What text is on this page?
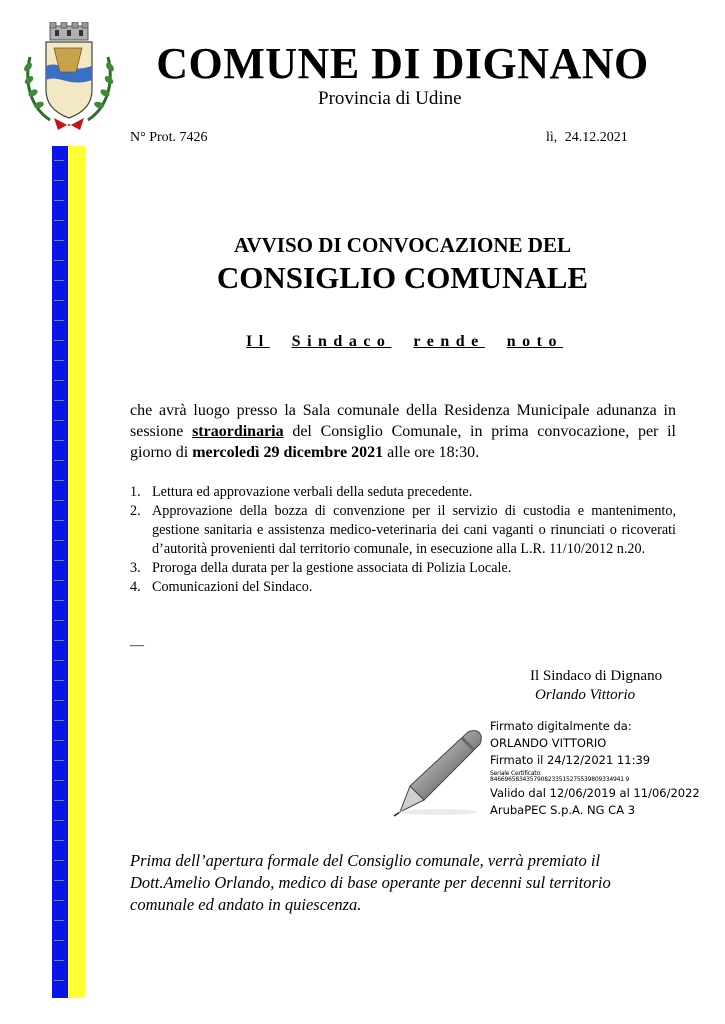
COMUNE DI DIGNANO
Provincia di Udine
N° Prot. 7426	lì, 24.12.2021
AVVISO DI CONVOCAZIONE DEL
CONSIGLIO COMUNALE
Il Sindaco rende noto
che avrà luogo presso la Sala comunale della Residenza Municipale adunanza in sessione straordinaria del Consiglio Comunale, in prima convocazione, per il giorno di mercoledì 29 dicembre 2021 alle ore 18:30.
1. Lettura ed approvazione verbali della seduta precedente.
2. Approvazione della bozza di convenzione per il servizio di custodia e mantenimento, gestione sanitaria e assistenza medico-veterinaria dei cani vaganti o rinunciati o ricoverati d’autorità provenienti dal territorio comunale, in esecuzione alla L.R. 11/10/2012 n.20.
3. Proroga della durata per la gestione associata di Polizia Locale.
4. Comunicazioni del Sindaco.
—
Il Sindaco di Dignano
Orlando Vittorio
Firmato digitalmente da:
ORLANDO VITTORIO
Firmato il 24/12/2021 11:39
Seriale Certificato:
8466965834357908233515275539809334941 9
Valido dal 12/06/2019 al 11/06/2022
ArubaPEC S.p.A. NG CA 3
Prima dell’apertura formale del Consiglio comunale, verrà premiato il Dott.Amelio Orlando, medico di base operante per decenni sul territorio comunale ed andato in quiescenza.
